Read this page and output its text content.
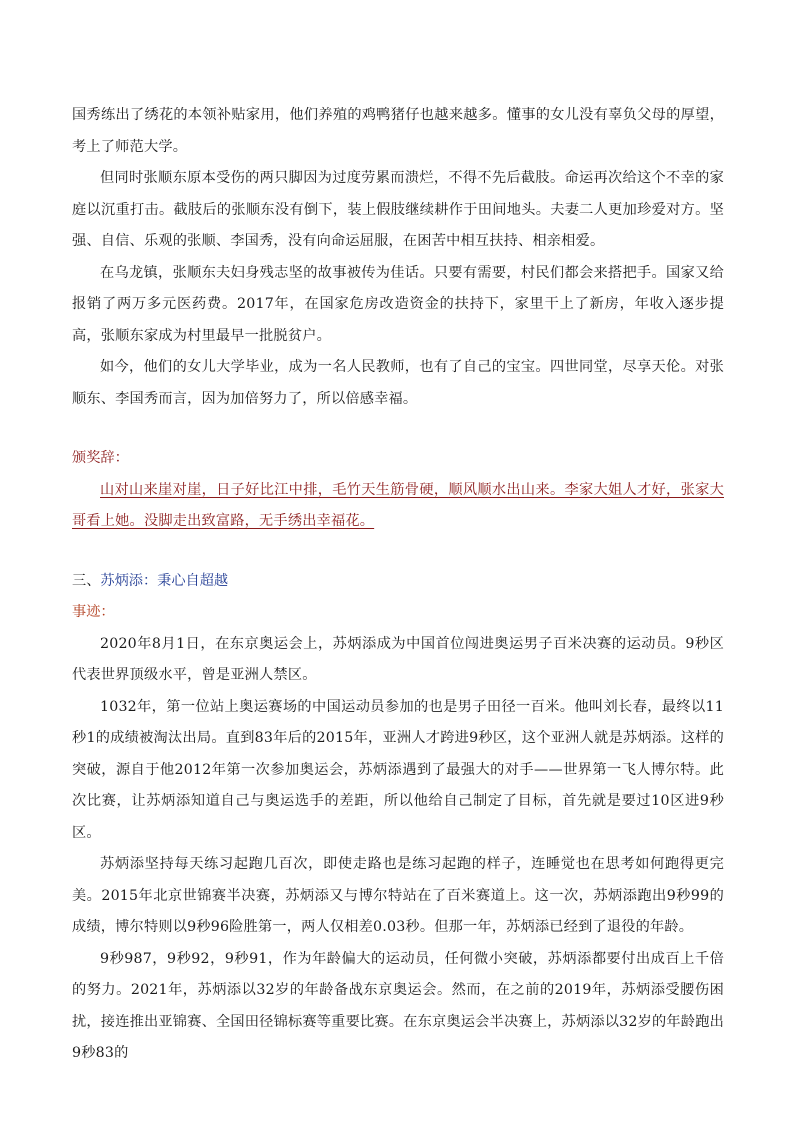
国秀练出了绣花的本领补贴家用，他们养殖的鸡鸭猪仔也越来越多。懂事的女儿没有辜负父母的厚望，考上了师范大学。

但同时张顺东原本受伤的两只脚因为过度劳累而溃烂，不得不先后截肢。命运再次给这个不幸的家庭以沉重打击。截肢后的张顺东没有倒下，装上假肢继续耕作于田间地头。夫妻二人更加珍爱对方。坚强、自信、乐观的张顺、李国秀，没有向命运屈服，在困苦中相互扶持、相亲相爱。

在乌龙镇，张顺东夫妇身残志坚的故事被传为佳话。只要有需要，村民们都会来搭把手。国家又给报销了两万多元医药费。2017年，在国家危房改造资金的扶持下，家里干上了新房，年收入逐步提高，张顺东家成为村里最早一批脱贫户。

如今，他们的女儿大学毕业，成为一名人民教师，也有了自己的宝宝。四世同堂，尽享天伦。对张顺东、李国秀而言，因为加倍努力了，所以倍感幸福。

颁奖辞：

山对山来崖对崖，日子好比江中排，毛竹天生筋骨硬，顺风顺水出山来。李家大姐人才好，张家大哥看上她。没脚走出致富路，无手绣出幸福花。

三、苏炳添：秉心自超越

事迹：

2020年8月1日，在东京奥运会上，苏炳添成为中国首位闯进奥运男子百米决赛的运动员。9秒区代表世界顶级水平，曾是亚洲人禁区。

1032年，第一位站上奥运赛场的中国运动员参加的也是男子田径一百米。他叫刘长春，最终以11秒1的成绩被淘汰出局。直到83年后的2015年，亚洲人才跨进9秒区，这个亚洲人就是苏炳添。这样的突破，源自于他2012年第一次参加奥运会，苏炳添遇到了最强大的对手——世界第一飞人博尔特。此次比赛，让苏炳添知道自己与奥运选手的差距，所以他给自己制定了目标，首先就是要过10区进9秒区。

苏炳添坚持每天练习起跑几百次，即使走路也是练习起跑的样子，连睡觉也在思考如何跑得更完美。2015年北京世锦赛半决赛，苏炳添又与博尔特站在了百米赛道上。这一次，苏炳添跑出9秒99的成绩，博尔特则以9秒96险胜第一，两人仅相差0.03秒。但那一年，苏炳添已经到了退役的年龄。

9秒987，9秒92，9秒91，作为年龄偏大的运动员，任何微小突破，苏炳添都要付出成百上千倍的努力。2021年，苏炳添以32岁的年龄备战东京奥运会。然而，在之前的2019年，苏炳添受腰伤困扰，接连推出亚锦赛、全国田径锦标赛等重要比赛。在东京奥运会半决赛上，苏炳添以32岁的年龄跑出9秒83的
